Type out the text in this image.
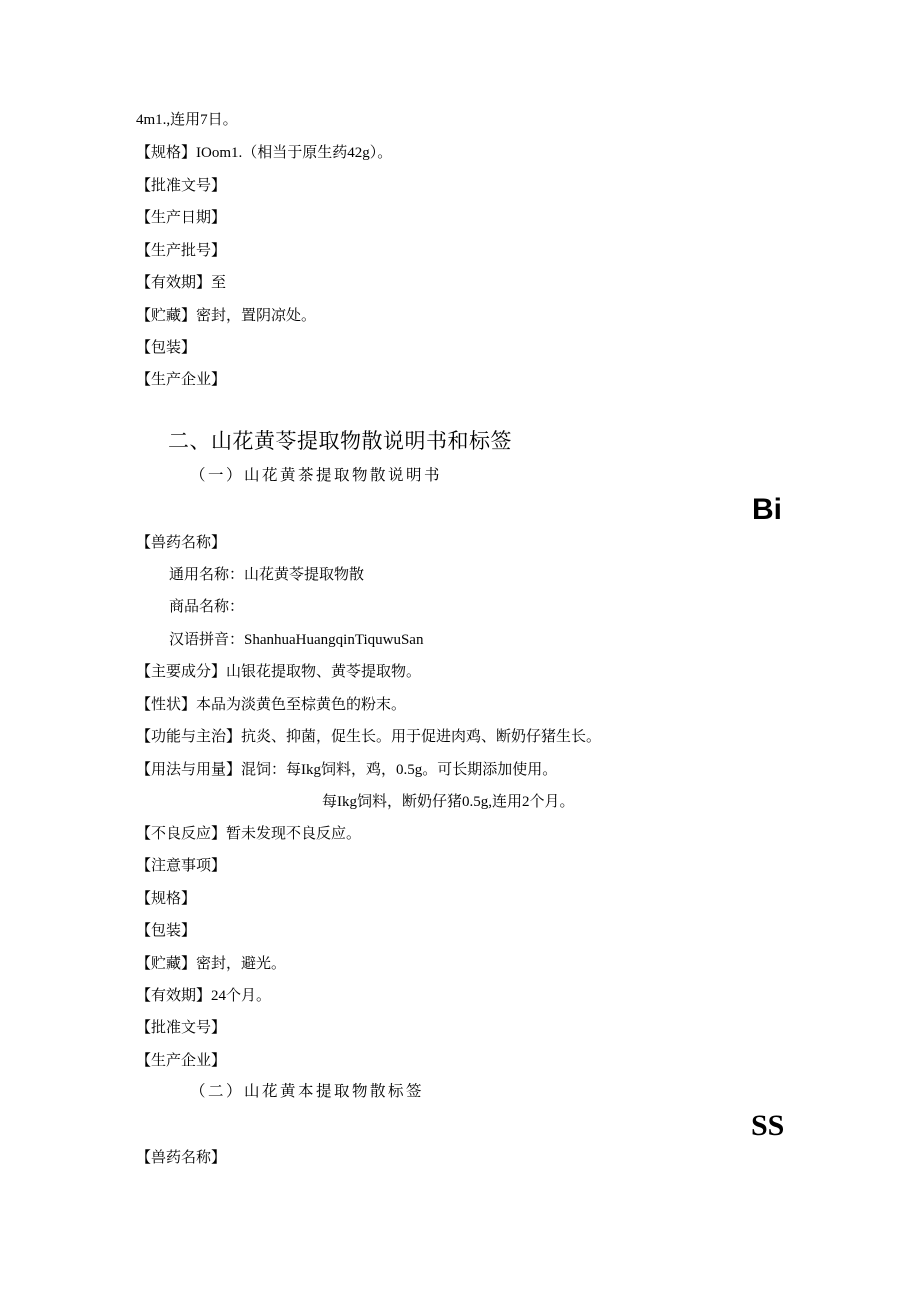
4m1.,连用7日。
【规格】IOom1.（相当于原生药42g）。
【批准文号】
【生产日期】
【生产批号】
【有效期】至
【贮藏】密封，置阴凉处。
【包装】
【生产企业】
二、山花黄苓提取物散说明书和标签
（一）山花黄茶提取物散说明书
Bi
【兽药名称】
通用名称：山花黄苓提取物散
商品名称：
汉语拼音：ShanhuaHuangqinTiquwuSan
【主要成分】山银花提取物、黄苓提取物。
【性状】本品为淡黄色至棕黄色的粉末。
【功能与主治】抗炎、抑菌，促生长。用于促进肉鸡、断奶仔猪生长。
【用法与用量】混饲：每Ikg饲料，鸡，0.5g。可长期添加使用。
每Ikg饲料，断奶仔猪0.5g,连用2个月。
【不良反应】暂未发现不良反应。
【注意事项】
【规格】
【包装】
【贮藏】密封，避光。
【有效期】24个月。
【批准文号】
【生产企业】
（二）山花黄本提取物散标签
SS
【兽药名称】
